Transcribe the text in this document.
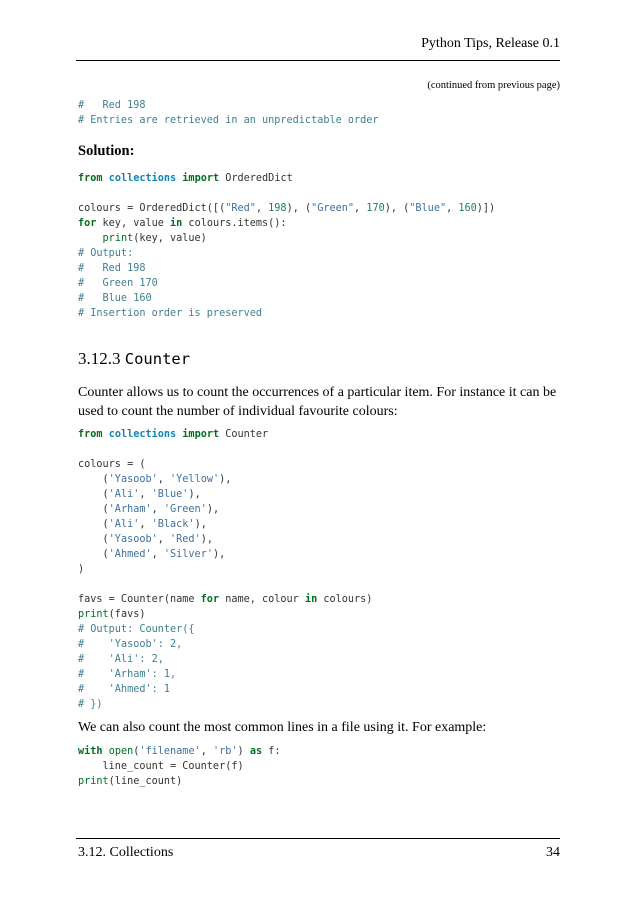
Python Tips, Release 0.1
(continued from previous page)
#   Red 198
# Entries are retrieved in an unpredictable order
Solution:
from collections import OrderedDict

colours = OrderedDict([("Red", 198), ("Green", 170), ("Blue", 160)])
for key, value in colours.items():
print(key, value)
# Output:
#   Red 198
#   Green 170
#   Blue 160
# Insertion order is preserved
3.12.3 Counter
Counter allows us to count the occurrences of a particular item. For instance it can be used to count the number of individual favourite colours:
from collections import Counter

colours = (
('Yasoob', 'Yellow'),
('Ali', 'Blue'),
('Arham', 'Green'),
('Ali', 'Black'),
('Yasoob', 'Red'),
('Ahmed', 'Silver'),
)

favs = Counter(name for name, colour in colours)
print(favs)
# Output: Counter({
#    'Yasoob': 2,
#    'Ali': 2,
#    'Arham': 1,
#    'Ahmed': 1
# })
We can also count the most common lines in a file using it. For example:
with open('filename', 'rb') as f:
line_count = Counter(f)
print(line_count)
3.12. Collections	34
